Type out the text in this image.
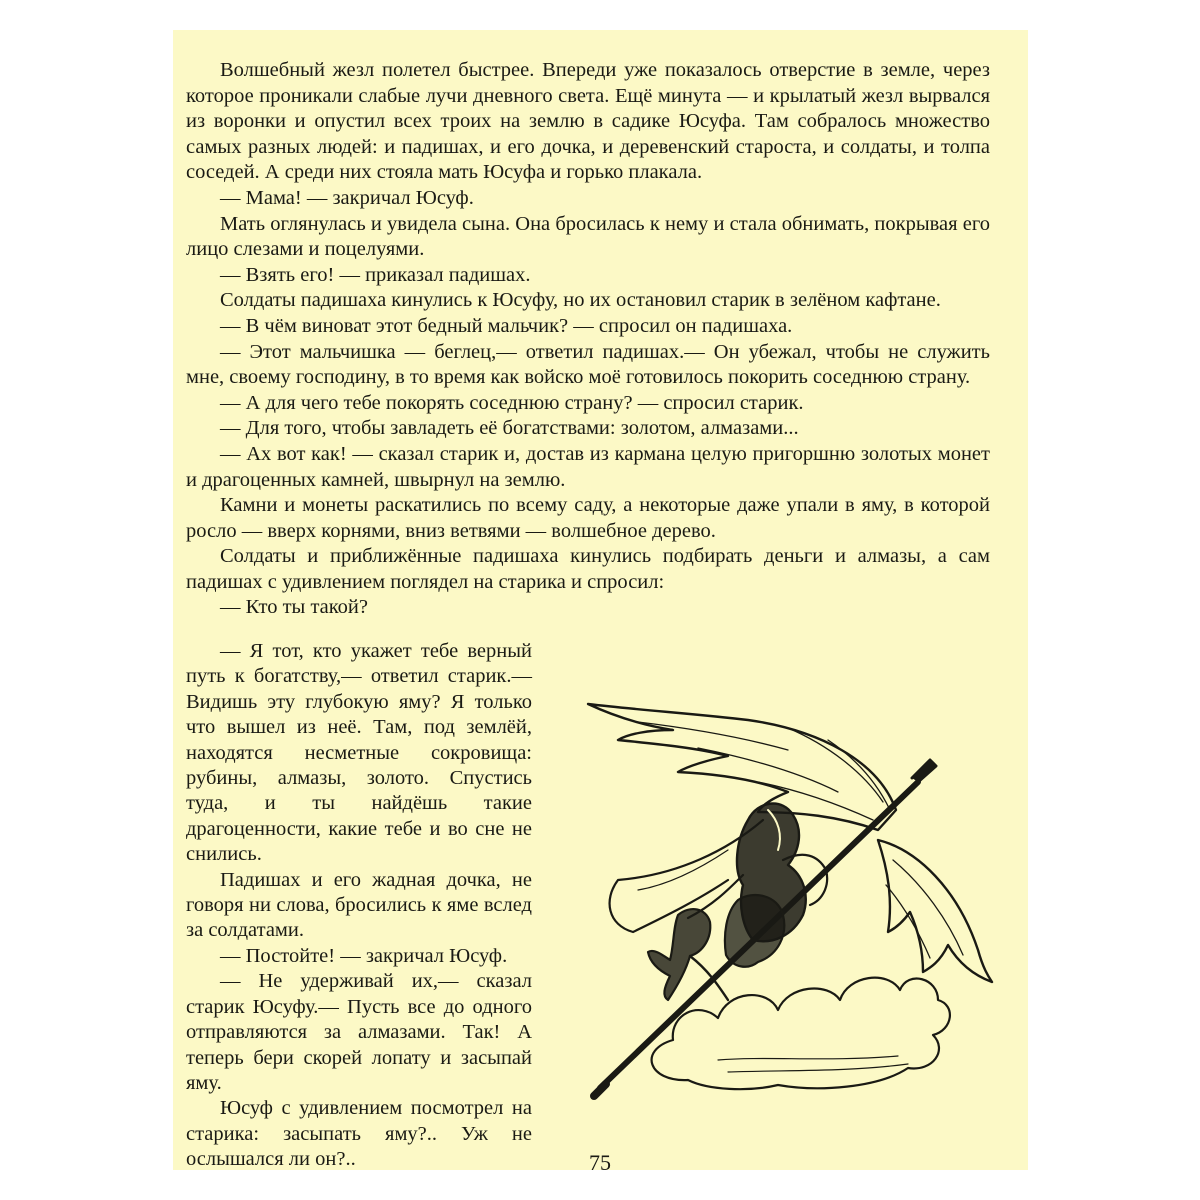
Волшебный жезл полетел быстрее. Впереди уже показалось отверстие в земле, через которое проникали слабые лучи дневного света. Ещё минута — и крылатый жезл вырвался из воронки и опустил всех троих на землю в садике Юсуфа. Там собралось множество самых разных людей: и падишах, и его дочка, и деревенский староста, и солдаты, и толпа соседей. А среди них стояла мать Юсуфа и горько плакала.

— Мама! — закричал Юсуф.

Мать оглянулась и увидела сына. Она бросилась к нему и стала обнимать, покрывая его лицо слезами и поцелуями.

— Взять его! — приказал падишах.

Солдаты падишаха кинулись к Юсуфу, но их остановил старик в зелёном кафтане.

— В чём виноват этот бедный мальчик? — спросил он падишаха.

— Этот мальчишка — беглец,— ответил падишах.— Он убежал, чтобы не служить мне, своему господину, в то время как войско моё готовилось покорить соседнюю страну.

— А для чего тебе покорять соседнюю страну? — спросил старик.

— Для того, чтобы завладеть её богатствами: золотом, алмазами...

— Ах вот как! — сказал старик и, достав из кармана целую пригоршню золотых монет и драгоценных камней, швырнул на землю.

Камни и монеты раскатились по всему саду, а некоторые даже упали в яму, в которой росло — вверх корнями, вниз ветвями — волшебное дерево.

Солдаты и приближённые падишаха кинулись подбирать деньги и алмазы, а сам падишах с удивлением поглядел на старика и спросил:

— Кто ты такой?

— Я тот, кто укажет тебе верный путь к богатству,— ответил старик.— Видишь эту глубокую яму? Я только что вышел из неё. Там, под землёй, находятся несметные сокровища: рубины, алмазы, золото. Спустись туда, и ты найдёшь такие драгоценности, какие тебе и во сне не снились.

Падишах и его жадная дочка, не говоря ни слова, бросились к яме вслед за солдатами.

— Постойте! — закричал Юсуф.

— Не удерживай их,— сказал старик Юсуфу.— Пусть все до одного отправляются за алмазами. Так! А теперь бери скорей лопату и засыпай яму.

Юсуф с удивлением посмотрел на старика: засыпать яму?.. Уж не ослышался ли он?..	75
